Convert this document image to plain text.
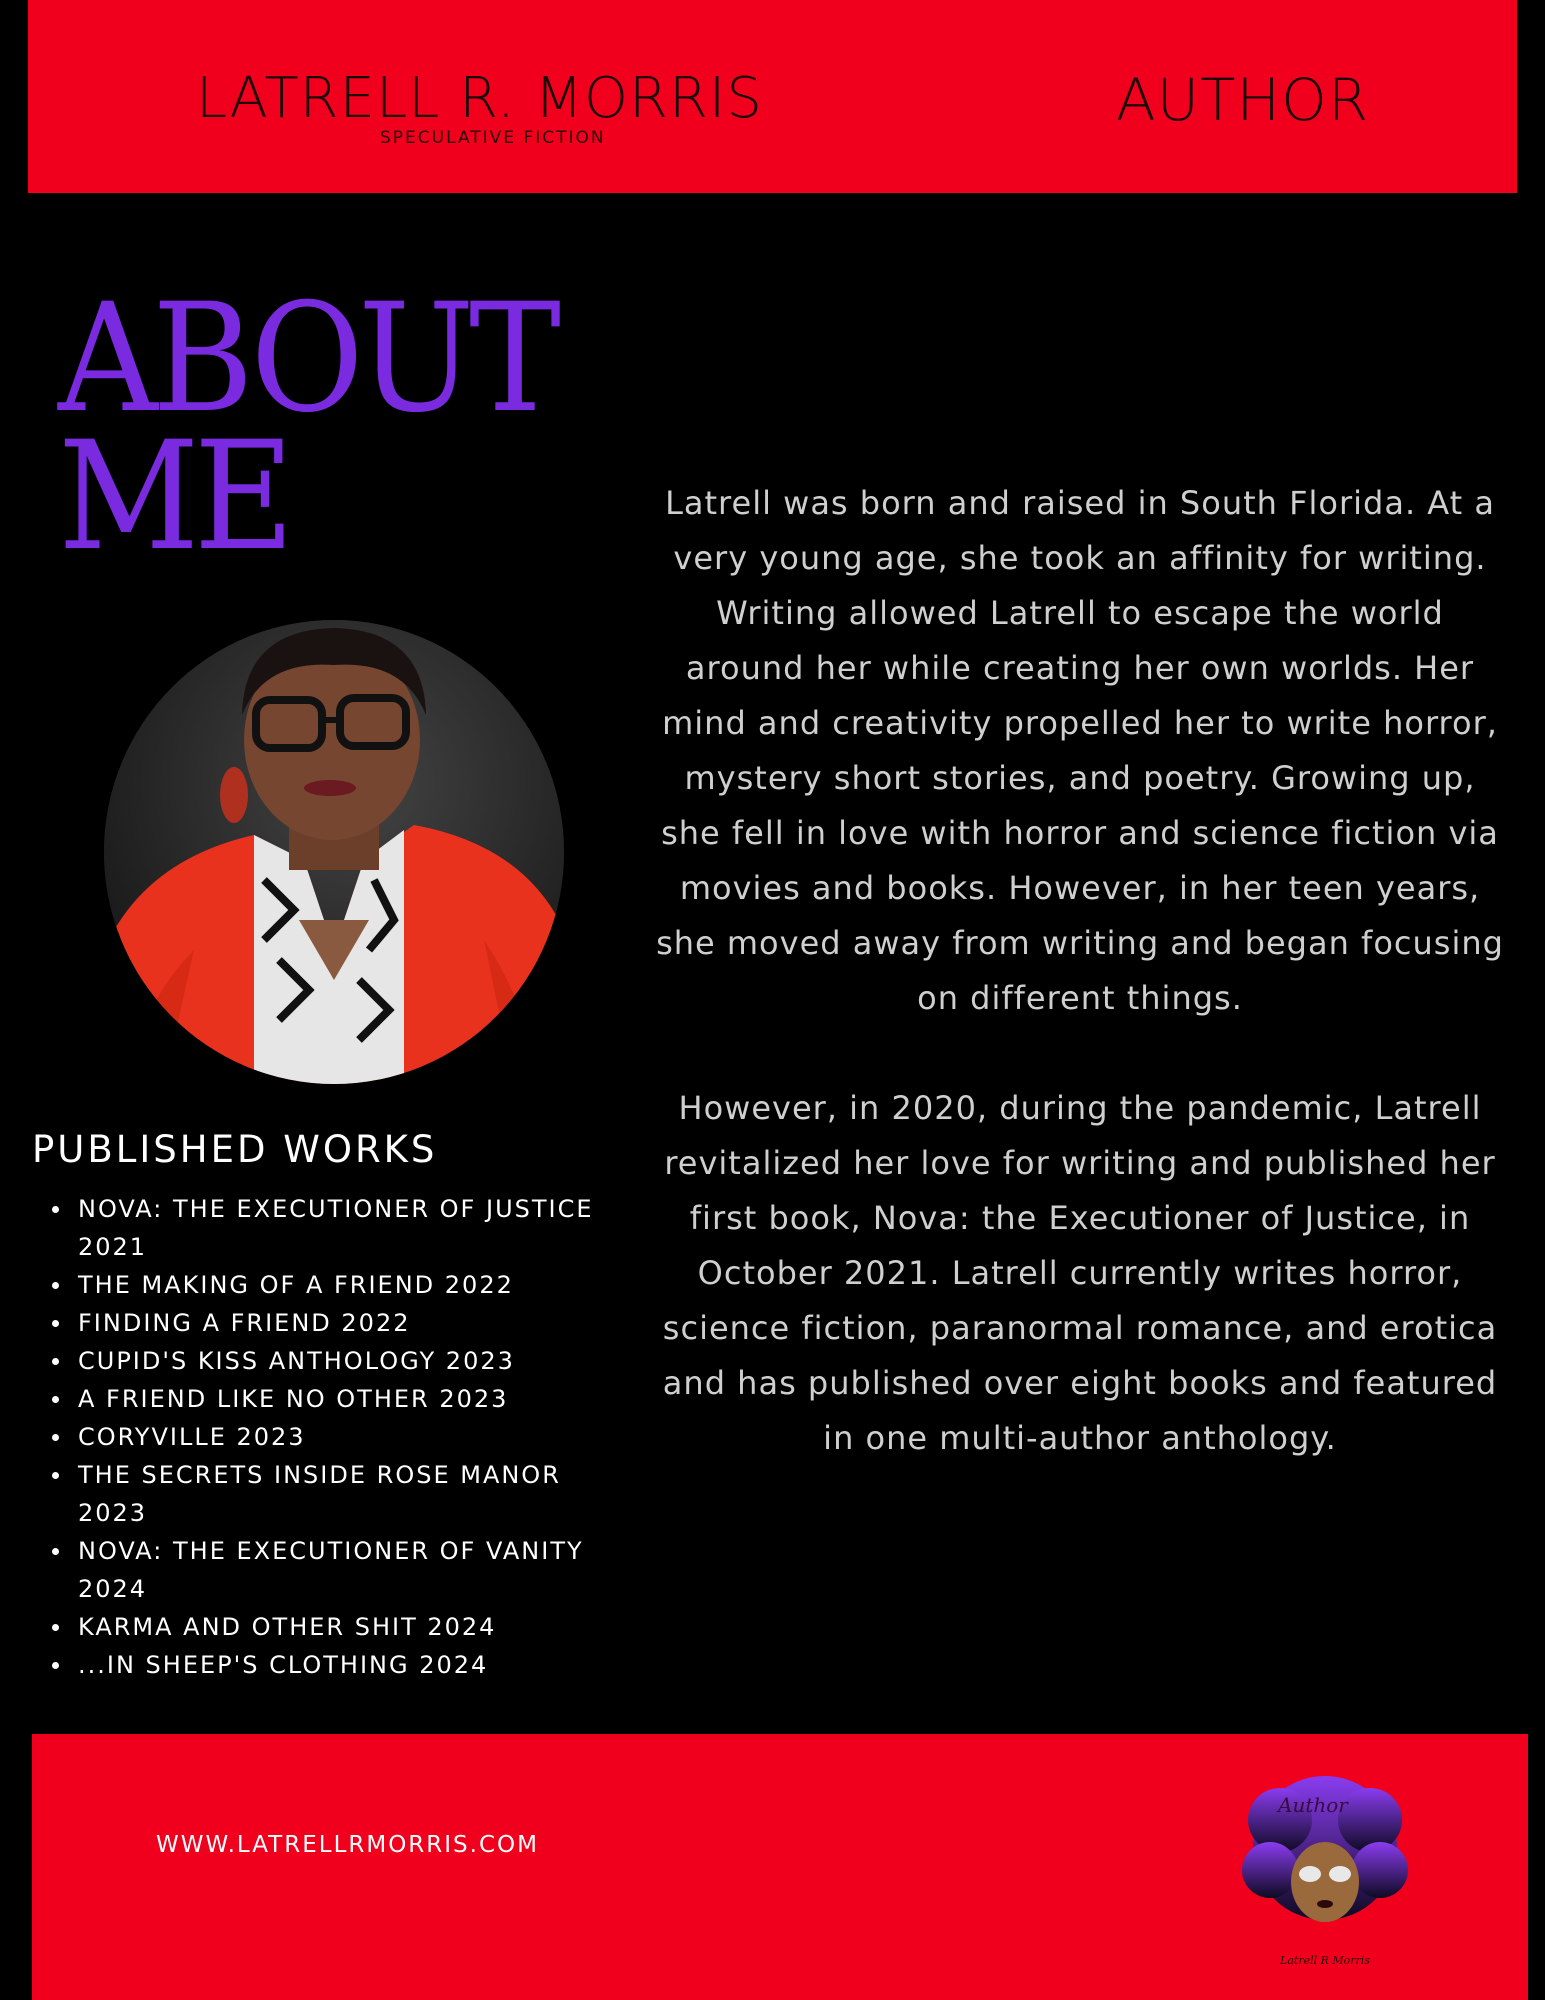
LATRELL R. MORRIS
SPECULATIVE FICTION
AUTHOR
ABOUT
ME
PUBLISHED WORKS
NOVA: THE EXECUTIONER OF JUSTICE 2021
THE MAKING OF A FRIEND 2022
FINDING A FRIEND 2022
CUPID'S KISS ANTHOLOGY 2023
A FRIEND LIKE NO OTHER 2023
CORYVILLE 2023
THE SECRETS INSIDE ROSE MANOR 2023
NOVA: THE EXECUTIONER OF VANITY 2024
KARMA AND OTHER SHIT 2024
...IN SHEEP'S CLOTHING 2024

Latrell was born and raised in South Florida. At a very young age, she took an affinity for writing. Writing allowed Latrell to escape the world around her while creating her own worlds. Her mind and creativity propelled her to write horror, mystery short stories, and poetry. Growing up, she fell in love with horror and science fiction via movies and books. However, in her teen years, she moved away from writing and began focusing on different things.

However, in 2020, during the pandemic, Latrell revitalized her love for writing and published her first book, Nova: the Executioner of Justice, in October 2021. Latrell currently writes horror, science fiction, paranormal romance, and erotica and has published over eight books and featured in one multi-author anthology.

WWW.LATRELLRMORRIS.COM
Author
Latrell R Morris
